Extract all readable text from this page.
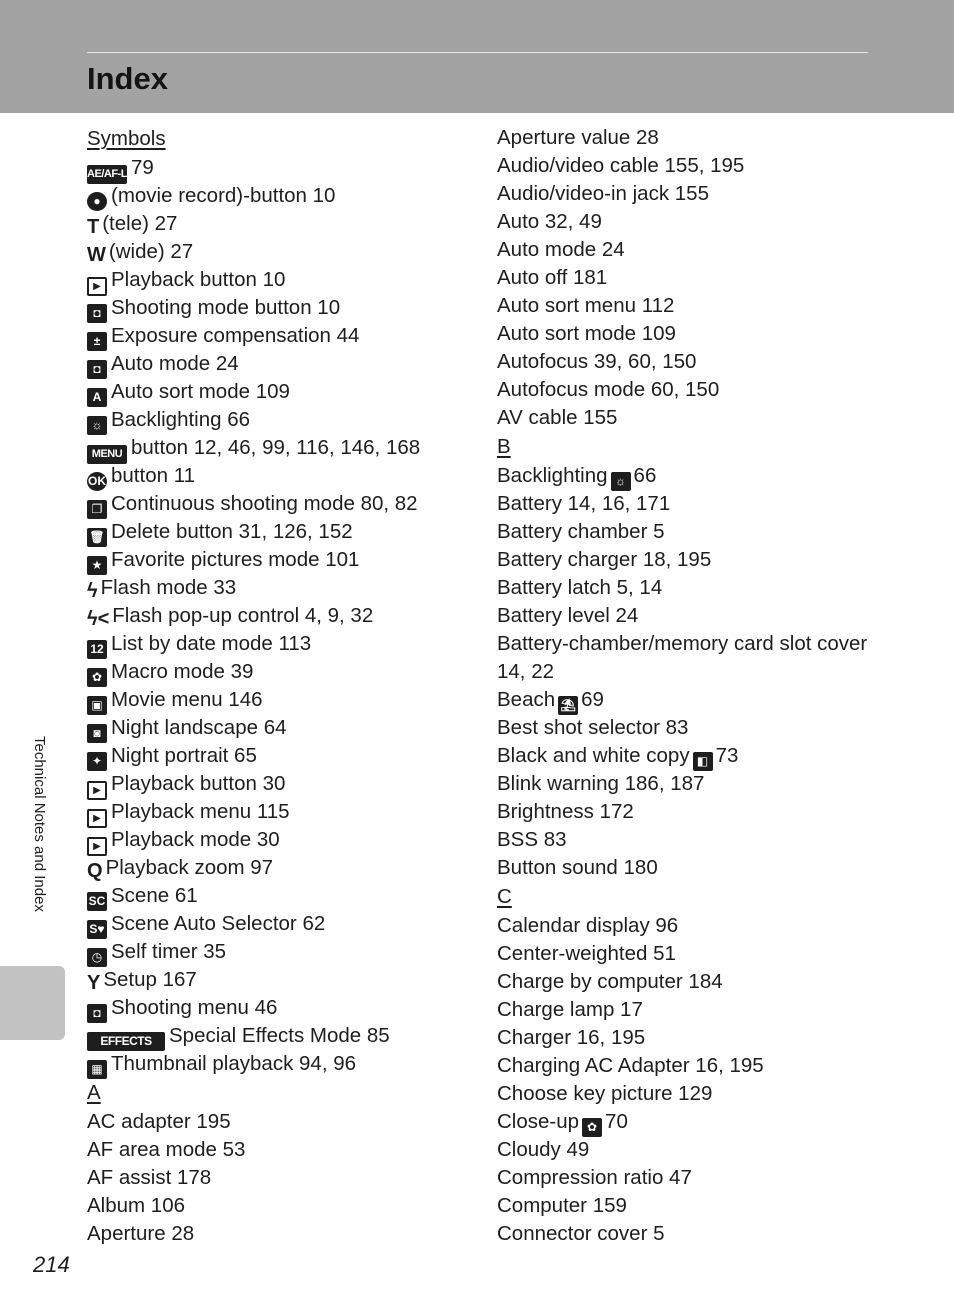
Index
Symbols
AE/AF-L 79
● (movie record)-button 10
T (tele) 27
W (wide) 27
▶ Playback button 10
◘ Shooting mode button 10
± Exposure compensation 44
◘ Auto mode 24
A Auto sort mode 109
☼ Backlighting 66
MENU button 12, 46, 99, 116, 146, 168
OK button 11
❐ Continuous shooting mode 80, 82
🗑 Delete button 31, 126, 152
★ Favorite pictures mode 101
ϟ Flash mode 33
ϟ< Flash pop-up control 4, 9, 32
12 List by date mode 113
✿ Macro mode 39
▣ Movie menu 146
◙ Night landscape 64
✦ Night portrait 65
▶ Playback button 30
▶ Playback menu 115
▶ Playback mode 30
Q Playback zoom 97
SC Scene 61
S♥ Scene Auto Selector 62
◷ Self timer 35
Y Setup 167
◘ Shooting menu 46
EFFECTS Special Effects Mode 85
▦ Thumbnail playback 94, 96
A
AC adapter 195
AF area mode 53
AF assist 178
Album 106
Aperture 28
Aperture value 28
Audio/video cable 155, 195
Audio/video-in jack 155
Auto 32, 49
Auto mode 24
Auto off 181
Auto sort menu 112
Auto sort mode 109
Autofocus 39, 60, 150
Autofocus mode 60, 150
AV cable 155
B
Backlighting ☼ 66
Battery 14, 16, 171
Battery chamber 5
Battery charger 18, 195
Battery latch 5, 14
Battery level 24
Battery-chamber/memory card slot cover 14, 22
Beach ⛱ 69
Best shot selector 83
Black and white copy ◧ 73
Blink warning 186, 187
Brightness 172
BSS 83
Button sound 180
C
Calendar display 96
Center-weighted 51
Charge by computer 184
Charge lamp 17
Charger 16, 195
Charging AC Adapter 16, 195
Choose key picture 129
Close-up ✿ 70
Cloudy 49
Compression ratio 47
Computer 159
Connector cover 5
Technical Notes and Index
214
